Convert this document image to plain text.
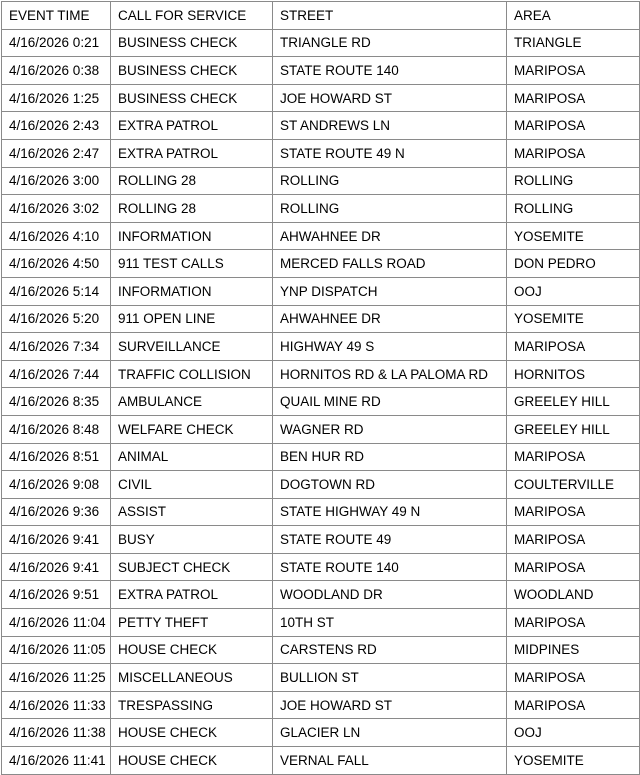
EVENT TIME	CALL FOR SERVICE	STREET	AREA
4/16/2026 0:21	BUSINESS CHECK	TRIANGLE RD	TRIANGLE
4/16/2026 0:38	BUSINESS CHECK	STATE ROUTE 140	MARIPOSA
4/16/2026 1:25	BUSINESS CHECK	JOE HOWARD ST	MARIPOSA
4/16/2026 2:43	EXTRA PATROL	ST ANDREWS LN	MARIPOSA
4/16/2026 2:47	EXTRA PATROL	STATE ROUTE 49 N	MARIPOSA
4/16/2026 3:00	ROLLING 28	ROLLING	ROLLING
4/16/2026 3:02	ROLLING 28	ROLLING	ROLLING
4/16/2026 4:10	INFORMATION	AHWAHNEE DR	YOSEMITE
4/16/2026 4:50	911 TEST CALLS	MERCED FALLS ROAD	DON PEDRO
4/16/2026 5:14	INFORMATION	YNP DISPATCH	OOJ
4/16/2026 5:20	911 OPEN LINE	AHWAHNEE DR	YOSEMITE
4/16/2026 7:34	SURVEILLANCE	HIGHWAY 49 S	MARIPOSA
4/16/2026 7:44	TRAFFIC COLLISION	HORNITOS RD & LA PALOMA RD	HORNITOS
4/16/2026 8:35	AMBULANCE	QUAIL MINE RD	GREELEY HILL
4/16/2026 8:48	WELFARE CHECK	WAGNER RD	GREELEY HILL
4/16/2026 8:51	ANIMAL	BEN HUR RD	MARIPOSA
4/16/2026 9:08	CIVIL	DOGTOWN RD	COULTERVILLE
4/16/2026 9:36	ASSIST	STATE HIGHWAY 49 N	MARIPOSA
4/16/2026 9:41	BUSY	STATE ROUTE 49	MARIPOSA
4/16/2026 9:41	SUBJECT CHECK	STATE ROUTE 140	MARIPOSA
4/16/2026 9:51	EXTRA PATROL	WOODLAND DR	WOODLAND
4/16/2026 11:04	PETTY THEFT	10TH ST	MARIPOSA
4/16/2026 11:05	HOUSE CHECK	CARSTENS RD	MIDPINES
4/16/2026 11:25	MISCELLANEOUS	BULLION ST	MARIPOSA
4/16/2026 11:33	TRESPASSING	JOE HOWARD ST	MARIPOSA
4/16/2026 11:38	HOUSE CHECK	GLACIER LN	OOJ
4/16/2026 11:41	HOUSE CHECK	VERNAL FALL	YOSEMITE
